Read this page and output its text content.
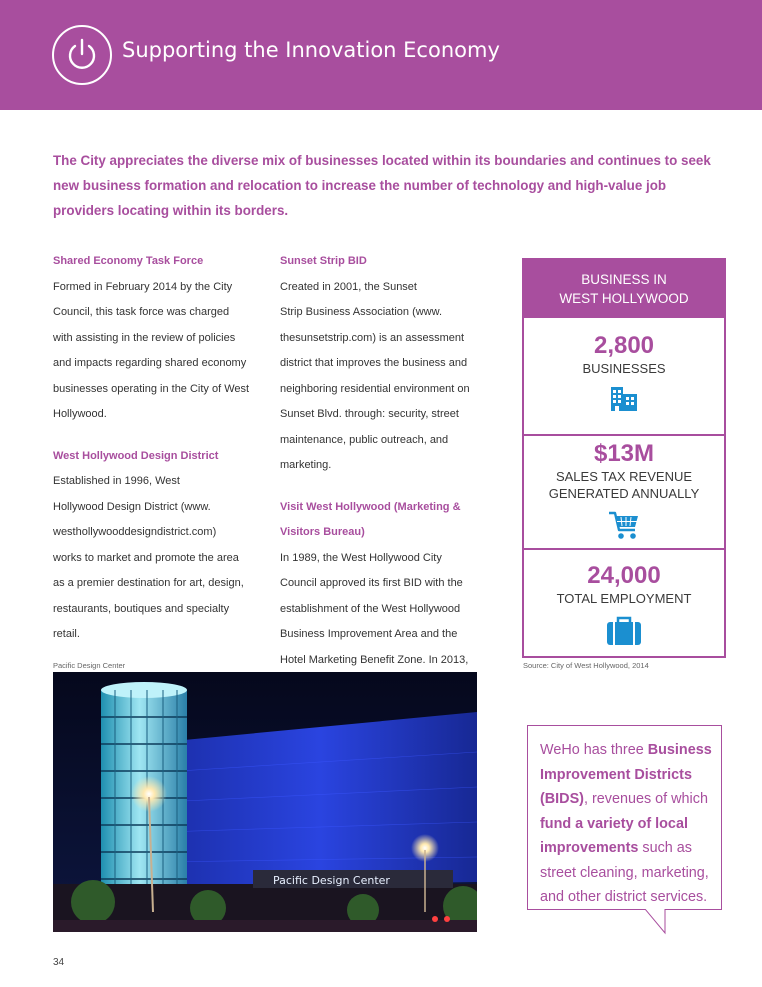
Supporting the Innovation Economy
The City appreciates the diverse mix of businesses located within its boundaries and continues to seek new business formation and relocation to increase the number of technology and high-value job providers locating within its borders.

Shared Economy Task Force

Formed in February 2014 by the City

Council, this task force was charged

with assisting in the review of policies

and impacts regarding shared economy

businesses operating in the City of West

Hollywood.

West Hollywood Design District

Established in 1996, West

Hollywood Design District (www.

westhollywooddesigndistrict.com)

works to market and promote the area

as a premier destination for art, design,

restaurants, boutiques and specialty

retail.

Sunset Strip BID

Created in 2001, the Sunset

Strip Business Association (www.

thesunsetstrip.com) is an assessment

district that improves the business and

neighboring residential environment on

Sunset Blvd. through: security, street

maintenance, public outreach, and

marketing.

Visit West Hollywood (Marketing &

Visitors Bureau)

In 1989, the West Hollywood City

Council approved its first BID with the

establishment of the West Hollywood

Business Improvement Area and the

Hotel Marketing Benefit Zone. In 2013,

BUSINESS IN
WEST HOLLYWOOD
2,800
BUSINESSES
$13M
SALES TAX REVENUE
GENERATED ANNUALLY
24,000
TOTAL EMPLOYMENT
Source: City of West Hollywood, 2014
Pacific Design Center
Pacific Design Center
WeHo has three Business Improvement Districts (BIDS), revenues of which fund a variety of local improvements such as street cleaning, marketing, and other district services.
34
